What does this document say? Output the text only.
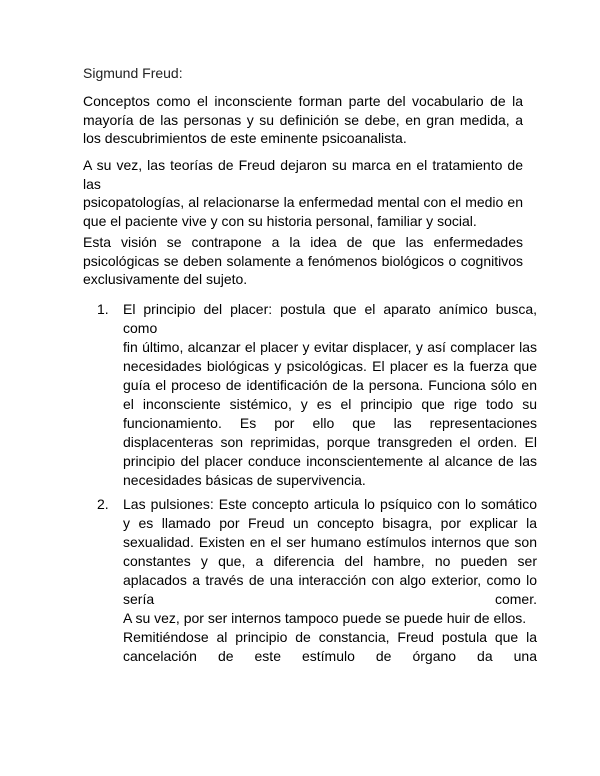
Sigmund Freud:

Conceptos como el inconsciente forman parte del vocabulario de la
mayoría de las personas y su definición se debe, en gran medida, a
los descubrimientos de este eminente psicoanalista.

A su vez, las teorías de Freud dejaron su marca en el tratamiento de las
psicopatologías, al relacionarse la enfermedad mental con el medio en
que el paciente vive y con su historia personal, familiar y social.

Esta visión se contrapone a la idea de que las enfermedades
psicológicas se deben solamente a fenómenos biológicos o cognitivos
exclusivamente del sujeto.

1.	El principio del placer: postula que el aparato anímico busca, como
fin último, alcanzar el placer y evitar displacer, y así complacer las
necesidades biológicas y psicológicas. El placer es la fuerza que
guía el proceso de identificación de la persona. Funciona sólo en
el inconsciente sistémico, y es el principio que rige todo su
funcionamiento. Es por ello que las representaciones
displacenteras son reprimidas, porque transgreden el orden. El
principio del placer conduce inconscientemente al alcance de las
necesidades básicas de supervivencia.
2.	Las pulsiones: Este concepto articula lo psíquico con lo somático
y es llamado por Freud un concepto bisagra, por explicar la
sexualidad. Existen en el ser humano estímulos internos que son
constantes y que, a diferencia del hambre, no pueden ser
aplacados a través de una interacción con algo exterior, como lo
sería comer.
A su vez, por ser internos tampoco puede se puede huir de ellos.
Remitiéndose al principio de constancia, Freud postula que la
cancelación de este estímulo de órgano da una
